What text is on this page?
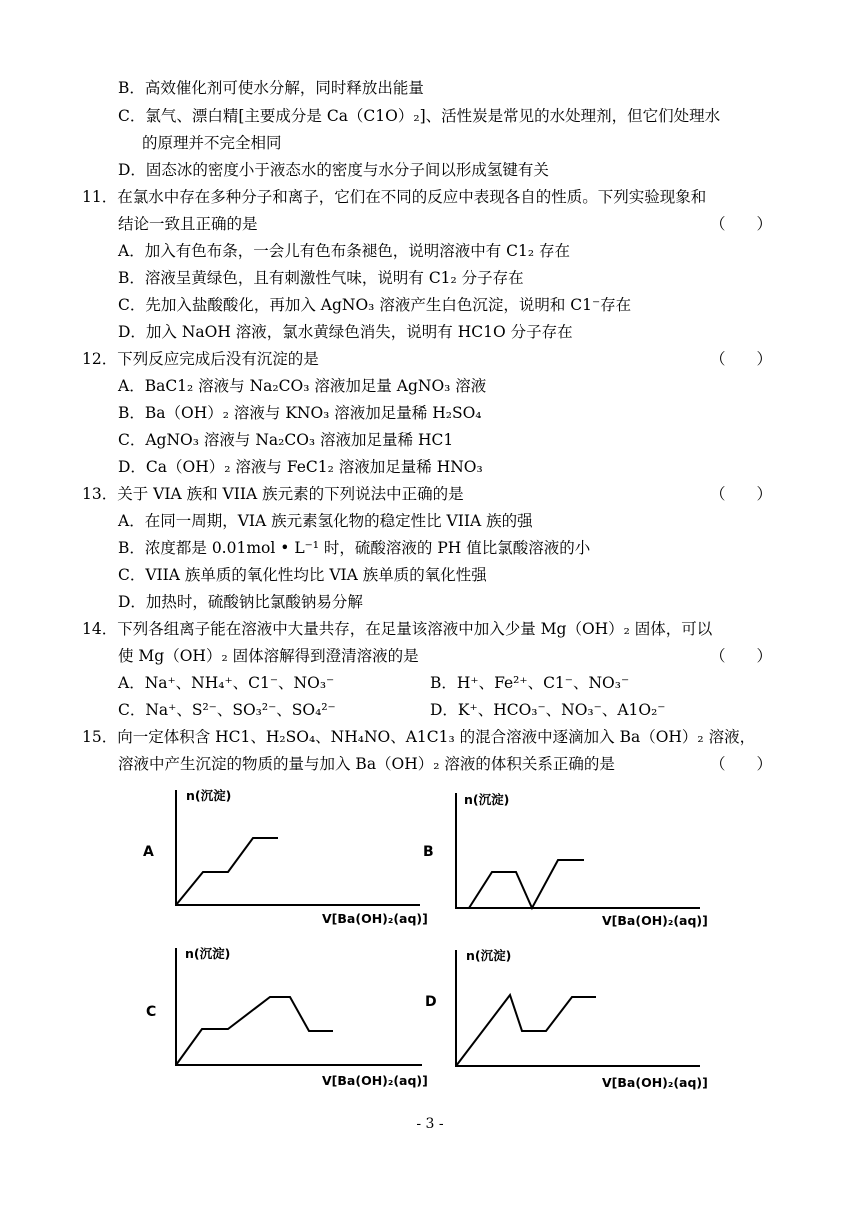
B．高效催化剂可使水分解，同时释放出能量
C．氯气、漂白精[主要成分是 Ca（C1O）₂]、活性炭是常见的水处理剂，但它们处理水
的原理并不完全相同
D．固态冰的密度小于液态水的密度与水分子间以形成氢键有关
11．在氯水中存在多种分子和离子，它们在不同的反应中表现各自的性质。下列实验现象和
结论一致且正确的是
A．加入有色布条，一会儿有色布条褪色，说明溶液中有 C1₂ 存在
B．溶液呈黄绿色，且有刺激性气味，说明有 C1₂ 分子存在
C．先加入盐酸酸化，再加入 AgNO₃ 溶液产生白色沉淀，说明和 C1⁻存在
D．加入 NaOH 溶液，氯水黄绿色消失，说明有 HC1O 分子存在
12．下列反应完成后没有沉淀的是
A．BaC1₂ 溶液与 Na₂CO₃ 溶液加足量 AgNO₃ 溶液
B．Ba（OH）₂ 溶液与 KNO₃ 溶液加足量稀 H₂SO₄
C．AgNO₃ 溶液与 Na₂CO₃ 溶液加足量稀 HC1
D．Ca（OH）₂ 溶液与 FeC1₂ 溶液加足量稀 HNO₃
13．关于 VIA 族和 VIIA 族元素的下列说法中正确的是
A．在同一周期，VIA 族元素氢化物的稳定性比 VIIA 族的强
B．浓度都是 0.01mol • L⁻¹ 时，硫酸溶液的 PH 值比氯酸溶液的小
C．VIIA 族单质的氧化性均比 VIA 族单质的氧化性强
D．加热时，硫酸钠比氯酸钠易分解
14．下列各组离子能在溶液中大量共存，在足量该溶液中加入少量 Mg（OH）₂ 固体，可以
使 Mg（OH）₂ 固体溶解得到澄清溶液的是
A．Na⁺、NH₄⁺、C1⁻、NO₃⁻	B．H⁺、Fe²⁺、C1⁻、NO₃⁻
C．Na⁺、S²⁻、SO₃²⁻、SO₄²⁻	D．K⁺、HCO₃⁻、NO₃⁻、A1O₂⁻
15．向一定体积含 HC1、H₂SO₄、NH₄NO、A1C1₃ 的混合溶液中逐滴加入 Ba（OH）₂ 溶液，
溶液中产生沉淀的物质的量与加入 Ba（OH）₂ 溶液的体积关系正确的是
（　　）
（　　）
（　　）
（　　）
（　　）
A
n(沉淀)
V[Ba(OH)₂(aq)]
B
n(沉淀)
V[Ba(OH)₂(aq)]
C
n(沉淀)
V[Ba(OH)₂(aq)]
D
n(沉淀)
V[Ba(OH)₂(aq)]
- 3 -
